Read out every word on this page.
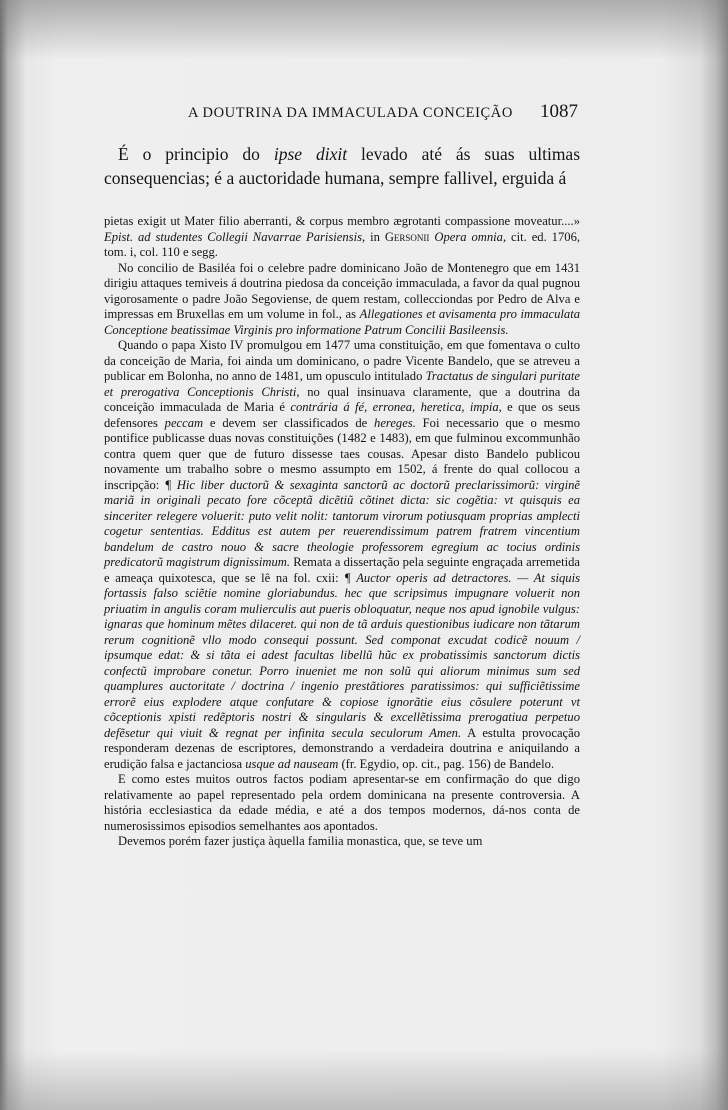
A DOUTRINA DA IMMACULADA CONCEIÇÃO 1087
É o principio do ipse dixit levado até ás suas ultimas consequencias; é a auctoridade humana, sempre fallivel, erguida á

pietas exigit ut Mater filio aberranti, & corpus membro ægrotanti compassione moveatur....» Epist. ad studentes Collegii Navarrae Parisiensis, in Gersonii Opera omnia, cit. ed. 1706, tom. i, col. 110 e segg.

No concilio de Basiléa foi o celebre padre dominicano João de Montenegro que em 1431 dirigiu attaques temiveis á doutrina piedosa da conceição immaculada, a favor da qual pugnou vigorosamente o padre João Segoviense, de quem restam, collecciondas por Pedro de Alva e impressas em Bruxellas em um volume in fol., as Allegationes et avisamenta pro immaculata Conceptione beatissimae Virginis pro informatione Patrum Concilii Basileensis.

Quando o papa Xisto IV promulgou em 1477 uma constituição, em que fomentava o culto da conceição de Maria, foi ainda um dominicano, o padre Vicente Bandelo, que se atreveu a publicar em Bolonha, no anno de 1481, um opusculo intitulado Tractatus de singulari puritate et prerogativa Conceptionis Christi, no qual insinuava claramente, que a doutrina da conceição immaculada de Maria é contrária á fé, erronea, heretica, impia, e que os seus defensores peccam e devem ser classificados de hereges. Foi necessario que o mesmo pontifice publicasse duas novas constituições (1482 e 1483), em que fulminou excommunhão contra quem quer que de futuro dissesse taes cousas. Apesar disto Bandelo publicou novamente um trabalho sobre o mesmo assumpto em 1502, á frente do qual collocou a inscripção: ¶ Hic liber ductorũ & sexaginta sanctorũ ac doctorũ preclarissimorũ: virginẽ mariã in originali pecato fore cõceptã dicẽtiũ cõtinet dicta: sic cogẽtia: vt quisquis ea sinceriter relegere voluerit: puto velit nolit: tantorum virorum potiusquam proprias amplecti cogetur sententias. Edditus est autem per reuerendissimum patrem fratrem vincentium bandelum de castro nouo & sacre theologie professorem egregium ac tocius ordinis predicatorũ magistrum dignissimum. Remata a dissertação pela seguinte engraçada arremetida e ameaça quixotesca, que se lê na fol. cxii: ¶ Auctor operis ad detractores. — At siquis fortassis falso sciẽtie nomine gloriabundus. hec que scripsimus impugnare voluerit non priuatim in angulis coram mulierculis aut pueris obloquatur, neque nos apud ignobile vulgus: ignaras que hominum mẽtes dilaceret. qui non de tã arduis questionibus iudicare non tãtarum rerum cognitionẽ vllo modo consequi possunt. Sed componat excudat codicẽ nouum / ipsumque edat: & si tãta ei adest facultas libellũ hũc ex probatissimis sanctorum dictis confectũ improbare conetur. Porro inueniet me non solũ qui aliorum minimus sum sed quamplures auctoritate / doctrina / ingenio prestãtiores paratissimos: qui sufficiẽtissime errorẽ eius explodere atque confutare & copiose ignorãtie eius cõsulere poterunt vt cõceptionis xpisti redẽptoris nostri & singularis & excellẽtissima prerogatiua perpetuo defẽsetur qui viuit & regnat per infinita secula seculorum Amen. A estulta provocação responderam dezenas de escriptores, demonstrando a verdadeira doutrina e aniquilando a erudição falsa e jactanciosa usque ad nauseam (fr. Egydio, op. cit., pag. 156) de Bandelo.

E como estes muitos outros factos podiam apresentar-se em confirmação do que digo relativamente ao papel representado pela ordem dominicana na presente controversia. A história ecclesiastica da edade média, e até a dos tempos modernos, dá-nos conta de numerosissimos episodios semelhantes aos apontados.

Devemos porém fazer justiça àquella familia monastica, que, se teve um
